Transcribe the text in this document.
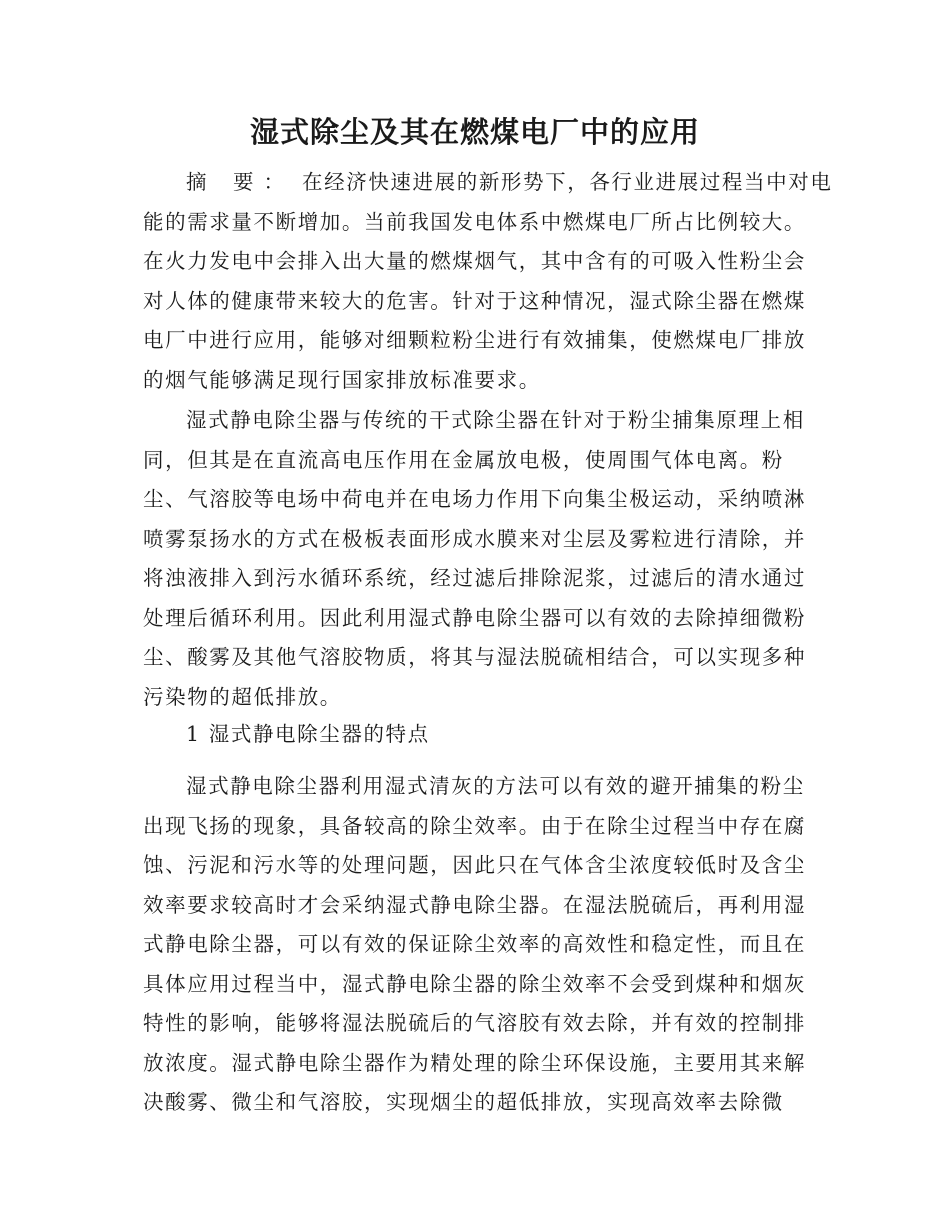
湿式除尘及其在燃煤电厂中的应用
摘 要： 在经济快速进展的新形势下，各行业进展过程当中对电
能的需求量不断增加。当前我国发电体系中燃煤电厂所占比例较大。
在火力发电中会排入出大量的燃煤烟气，其中含有的可吸入性粉尘会
对人体的健康带来较大的危害。针对于这种情况，湿式除尘器在燃煤
电厂中进行应用，能够对细颗粒粉尘进行有效捕集，使燃煤电厂排放
的烟气能够满足现行国家排放标准要求。
湿式静电除尘器与传统的干式除尘器在针对于粉尘捕集原理上相
同，但其是在直流高电压作用在金属放电极，使周围气体电离。粉
尘、气溶胶等电场中荷电并在电场力作用下向集尘极运动，采纳喷淋
喷雾泵扬水的方式在极板表面形成水膜来对尘层及雾粒进行清除，并
将浊液排入到污水循环系统，经过滤后排除泥浆，过滤后的清水通过
处理后循环利用。因此利用湿式静电除尘器可以有效的去除掉细微粉
尘、酸雾及其他气溶胶物质，将其与湿法脱硫相结合，可以实现多种
污染物的超低排放。
1 湿式静电除尘器的特点
湿式静电除尘器利用湿式清灰的方法可以有效的避开捕集的粉尘
出现飞扬的现象，具备较高的除尘效率。由于在除尘过程当中存在腐
蚀、污泥和污水等的处理问题，因此只在气体含尘浓度较低时及含尘
效率要求较高时才会采纳湿式静电除尘器。在湿法脱硫后，再利用湿
式静电除尘器，可以有效的保证除尘效率的高效性和稳定性，而且在
具体应用过程当中，湿式静电除尘器的除尘效率不会受到煤种和烟灰
特性的影响，能够将湿法脱硫后的气溶胶有效去除，并有效的控制排
放浓度。湿式静电除尘器作为精处理的除尘环保设施，主要用其来解
决酸雾、微尘和气溶胶，实现烟尘的超低排放，实现高效率去除微
